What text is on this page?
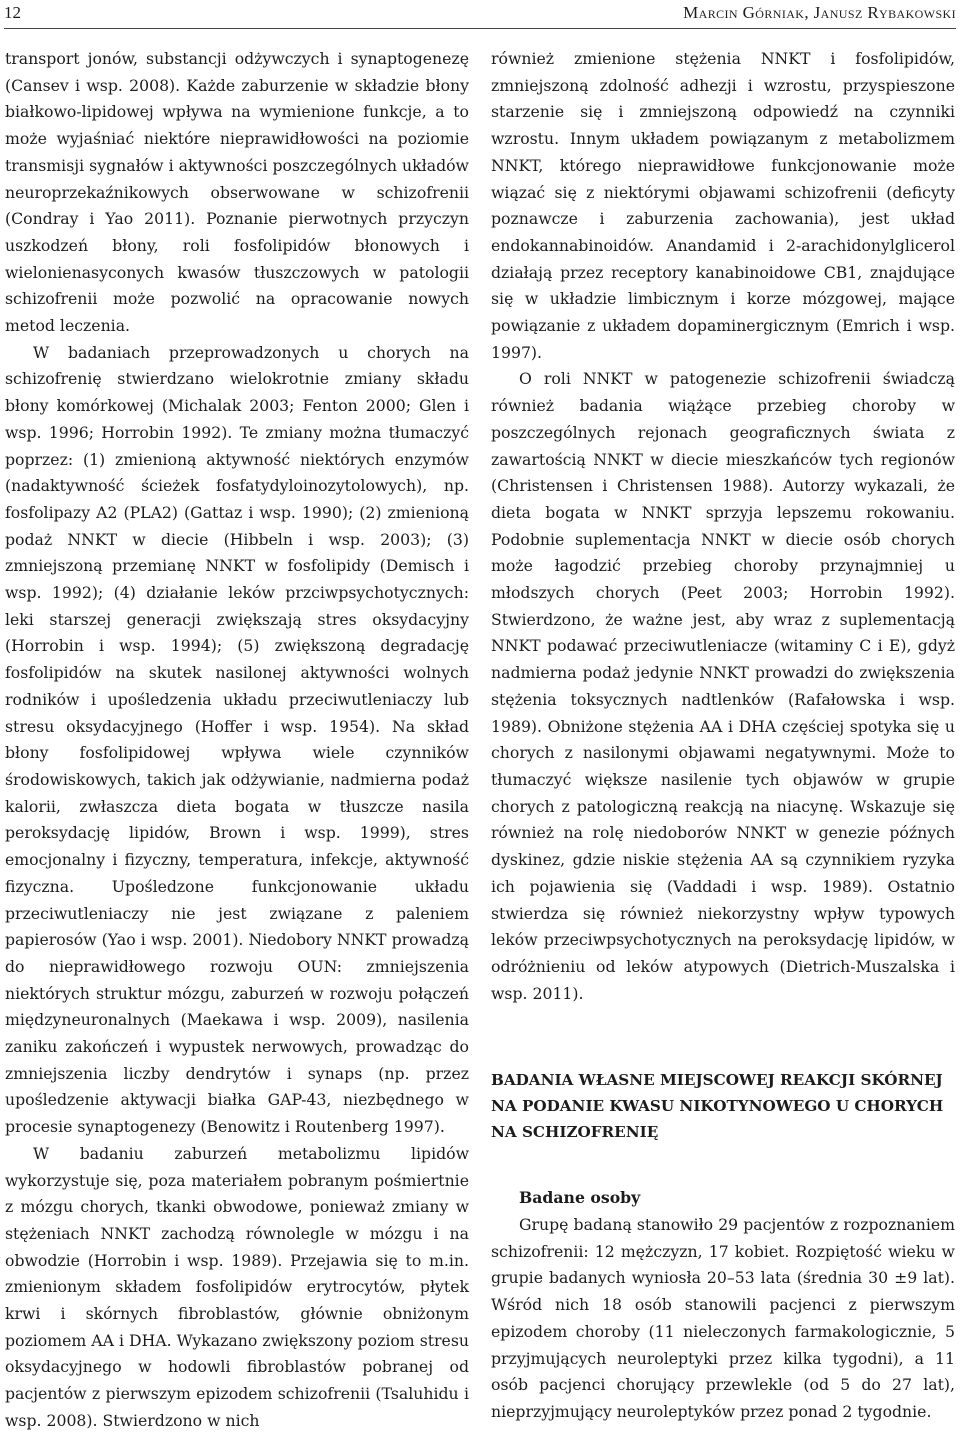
12	Marcin Górniak, Janusz Rybakowski

transport jonów, substancji odżywczych i synaptogenezę (Cansev i wsp. 2008). Każde zaburzenie w składzie błony białkowo-lipidowej wpływa na wymienione funkcje, a to może wyjaśniać niektóre nieprawidłowości na poziomie transmisji sygnałów i aktywności poszczególnych układów neuroprzekaźnikowych obserwowane w schizofrenii (Condray i Yao 2011). Poznanie pierwotnych przyczyn uszkodzeń błony, roli fosfolipidów błonowych i wielonienasyconych kwasów tłuszczowych w patologii schizofrenii może pozwolić na opracowanie nowych metod leczenia.

W badaniach przeprowadzonych u chorych na schizofrenię stwierdzano wielokrotnie zmiany składu błony komórkowej (Michalak 2003; Fenton 2000; Glen i wsp. 1996; Horrobin 1992). Te zmiany można tłumaczyć poprzez: (1) zmienioną aktywność niektórych enzymów (nadaktywność ścieżek fosfatydyloinozytolowych), np. fosfolipazy A2 (PLA2) (Gattaz i wsp. 1990); (2) zmienioną podaż NNKT w diecie (Hibbeln i wsp. 2003); (3) zmniejszoną przemianę NNKT w fosfolipidy (Demisch i wsp. 1992); (4) działanie leków przciwpsychotycznych: leki starszej generacji zwiększają stres oksydacyjny (Horrobin i wsp. 1994); (5) zwiększoną degradację fosfolipidów na skutek nasilonej aktywności wolnych rodników i upośledzenia układu przeciwutleniaczy lub stresu oksydacyjnego (Hoffer i wsp. 1954). Na skład błony fosfolipidowej wpływa wiele czynników środowiskowych, takich jak odżywianie, nadmierna podaż kalorii, zwłaszcza dieta bogata w tłuszcze nasila peroksydację lipidów, Brown i wsp. 1999), stres emocjonalny i fizyczny, temperatura, infekcje, aktywność fizyczna. Upośledzone funkcjonowanie układu przeciwutleniaczy nie jest związane z paleniem papierosów (Yao i wsp. 2001). Niedobory NNKT prowadzą do nieprawidłowego rozwoju OUN: zmniejszenia niektórych struktur mózgu, zaburzeń w rozwoju połączeń międzyneuronalnych (Maekawa i wsp. 2009), nasilenia zaniku zakończeń i wypustek nerwowych, prowadząc do zmniejszenia liczby dendrytów i synaps (np. przez upośledzenie aktywacji białka GAP-43, niezbędnego w procesie synaptogenezy (Benowitz i Routenberg 1997).

W badaniu zaburzeń metabolizmu lipidów wykorzystuje się, poza materiałem pobranym pośmiertnie z mózgu chorych, tkanki obwodowe, ponieważ zmiany w stężeniach NNKT zachodzą równolegle w mózgu i na obwodzie (Horrobin i wsp. 1989). Przejawia się to m.in. zmienionym składem fosfolipidów erytrocytów, płytek krwi i skórnych fibroblastów, głównie obniżonym poziomem AA i DHA. Wykazano zwiększony poziom stresu oksydacyjnego w hodowli fibroblastów pobranej od pacjentów z pierwszym epizodem schizofrenii (Tsaluhidu i wsp. 2008). Stwierdzono w nich

również zmienione stężenia NNKT i fosfolipidów, zmniejszoną zdolność adhezji i wzrostu, przyspieszone starzenie się i zmniejszoną odpowiedź na czynniki wzrostu. Innym układem powiązanym z metabolizmem NNKT, którego nieprawidłowe funkcjonowanie może wiązać się z niektórymi objawami schizofrenii (deficyty poznawcze i zaburzenia zachowania), jest układ endokannabinoidów. Anandamid i 2-arachidonylglicerol działają przez receptory kanabinoidowe CB1, znajdujące się w układzie limbicznym i korze mózgowej, mające powiązanie z układem dopaminergicznym (Emrich i wsp. 1997).

O roli NNKT w patogenezie schizofrenii świadczą również badania wiążące przebieg choroby w poszczególnych rejonach geograficznych świata z zawartością NNKT w diecie mieszkańców tych regionów (Christensen i Christensen 1988). Autorzy wykazali, że dieta bogata w NNKT sprzyja lepszemu rokowaniu. Podobnie suplementacja NNKT w diecie osób chorych może łagodzić przebieg choroby przynajmniej u młodszych chorych (Peet 2003; Horrobin 1992). Stwierdzono, że ważne jest, aby wraz z suplementacją NNKT podawać przeciwutleniacze (witaminy C i E), gdyż nadmierna podaż jedynie NNKT prowadzi do zwiększenia stężenia toksycznych nadtlenków (Rafałowska i wsp. 1989). Obniżone stężenia AA i DHA częściej spotyka się u chorych z nasilonymi objawami negatywnymi. Może to tłumaczyć większe nasilenie tych objawów w grupie chorych z patologiczną reakcją na niacynę. Wskazuje się również na rolę niedoborów NNKT w genezie późnych dyskinez, gdzie niskie stężenia AA są czynnikiem ryzyka ich pojawienia się (Vaddadi i wsp. 1989). Ostatnio stwierdza się również niekorzystny wpływ typowych leków przeciwpsychotycznych na peroksydację lipidów, w odróżnieniu od leków atypowych (Dietrich-Muszalska i wsp. 2011).

BADANIA WŁASNE MIEJSCOWEJ REAKCJI SKÓRNEJ NA PODANIE KWASU NIKOTYNOWEGO U CHORYCH NA SCHIZOFRENIĘ
Badane osoby

Grupę badaną stanowiło 29 pacjentów z rozpoznaniem schizofrenii: 12 mężczyzn, 17 kobiet. Rozpiętość wieku w grupie badanych wyniosła 20–53 lata (średnia 30 ±9 lat). Wśród nich 18 osób stanowili pacjenci z pierwszym epizodem choroby (11 nieleczonych farmakologicznie, 5 przyjmujących neuroleptyki przez kilka tygodni), a 11 osób pacjenci chorujący przewlekle (od 5 do 27 lat), nieprzyjmujący neuroleptyków przez ponad 2 tygodnie.
